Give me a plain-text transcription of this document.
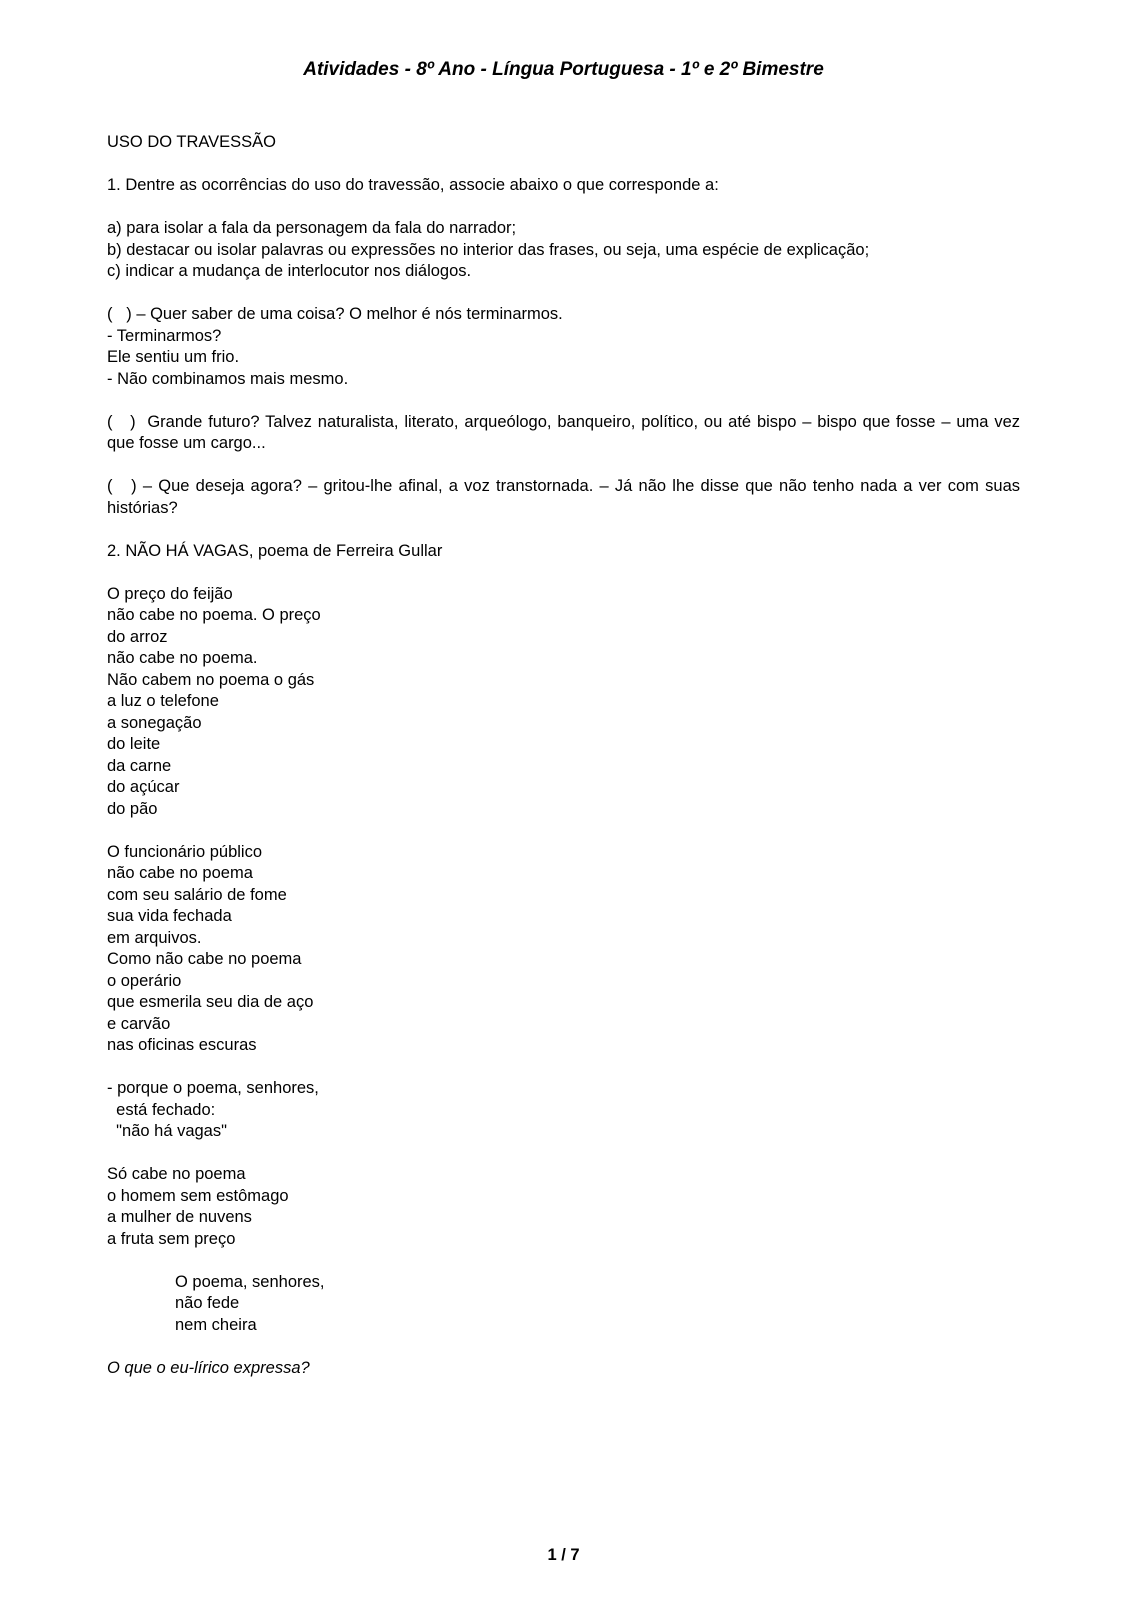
Atividades - 8º Ano - Língua Portuguesa - 1º e 2º Bimestre
USO DO TRAVESSÃO
1. Dentre as ocorrências do uso do travessão, associe abaixo o que corresponde a:
a) para isolar a fala da personagem da fala do narrador;
b) destacar ou isolar palavras ou expressões no interior das frases, ou seja, uma espécie de explicação;
c) indicar a mudança de interlocutor nos diálogos.
(   ) – Quer saber de uma coisa? O melhor é nós terminarmos.
- Terminarmos?
Ele sentiu um frio.
- Não combinamos mais mesmo.
(   )  Grande futuro? Talvez naturalista, literato, arqueólogo, banqueiro, político, ou até bispo – bispo que fosse – uma vez que fosse um cargo...
(   ) – Que deseja agora? – gritou-lhe afinal, a voz transtornada. – Já não lhe disse que não tenho nada a ver com suas histórias?
2. NÃO HÁ VAGAS, poema de Ferreira Gullar
O preço do feijão
não cabe no poema. O preço
do arroz
não cabe no poema.
Não cabem no poema o gás
a luz o telefone
a sonegação
do leite
da carne
do açúcar
do pão
O funcionário público
não cabe no poema
com seu salário de fome
sua vida fechada
em arquivos.
Como não cabe no poema
o operário
que esmerila seu dia de aço
e carvão
nas oficinas escuras
- porque o poema, senhores,
está fechado:
"não há vagas"
Só cabe no poema
o homem sem estômago
a mulher de nuvens
a fruta sem preço
O poema, senhores,
não fede
nem cheira
O que o eu-lírico expressa?
1 / 7
